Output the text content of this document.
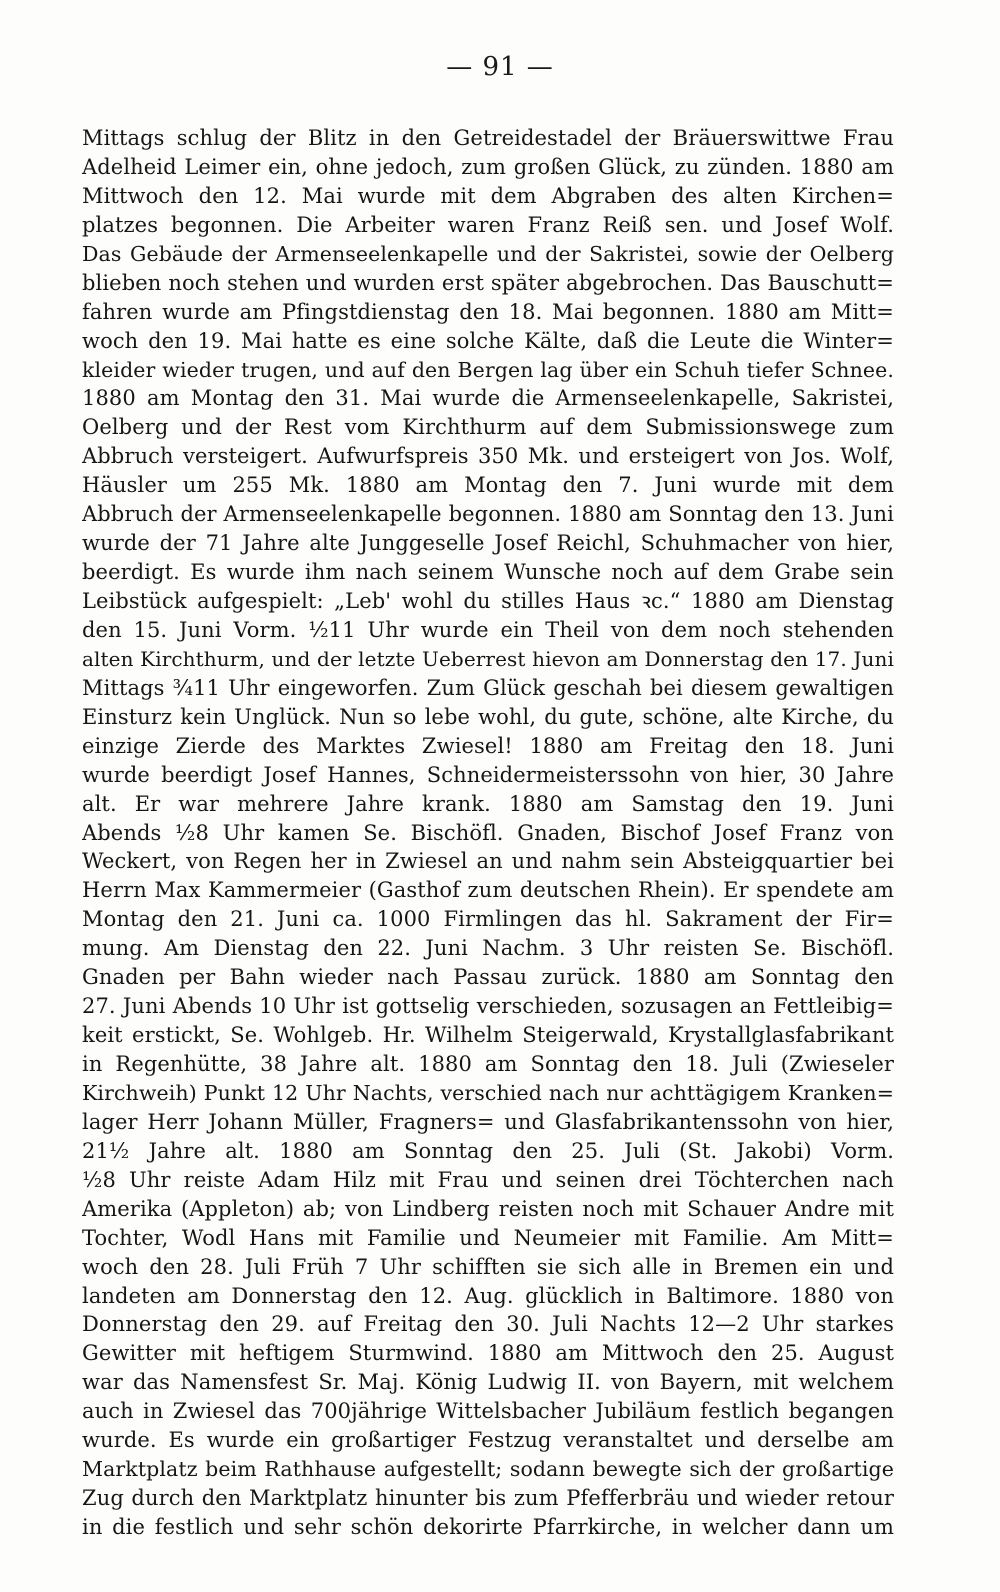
— 91 —
Mittags schlug der Blitz in den Getreidestadel der Bräuerswittwe Frau
Adelheid Leimer ein, ohne jedoch, zum großen Glück, zu zünden. 1880 am
Mittwoch den 12. Mai wurde mit dem Abgraben des alten Kirchen=
platzes begonnen. Die Arbeiter waren Franz Reiß sen. und Josef Wolf.
Das Gebäude der Armenseelenkapelle und der Sakristei, sowie der Oelberg
blieben noch stehen und wurden erst später abgebrochen. Das Bauschutt=
fahren wurde am Pfingstdienstag den 18. Mai begonnen. 1880 am Mitt=
woch den 19. Mai hatte es eine solche Kälte, daß die Leute die Winter=
kleider wieder trugen, und auf den Bergen lag über ein Schuh tiefer Schnee.
1880 am Montag den 31. Mai wurde die Armenseelenkapelle, Sakristei,
Oelberg und der Rest vom Kirchthurm auf dem Submissionswege zum
Abbruch versteigert. Aufwurfspreis 350 Mk. und ersteigert von Jos. Wolf,
Häusler um 255 Mk. 1880 am Montag den 7. Juni wurde mit dem
Abbruch der Armenseelenkapelle begonnen. 1880 am Sonntag den 13. Juni
wurde der 71 Jahre alte Junggeselle Josef Reichl, Schuhmacher von hier,
beerdigt. Es wurde ihm nach seinem Wunsche noch auf dem Grabe sein
Leibstück aufgespielt: „Leb' wohl du stilles Haus ꝛc.“ 1880 am Dienstag
den 15. Juni Vorm. ½11 Uhr wurde ein Theil von dem noch stehenden
alten Kirchthurm, und der letzte Ueberrest hievon am Donnerstag den 17. Juni
Mittags ¾11 Uhr eingeworfen. Zum Glück geschah bei diesem gewaltigen
Einsturz kein Unglück. Nun so lebe wohl, du gute, schöne, alte Kirche, du
einzige Zierde des Marktes Zwiesel! 1880 am Freitag den 18. Juni
wurde beerdigt Josef Hannes, Schneidermeisterssohn von hier, 30 Jahre
alt. Er war mehrere Jahre krank. 1880 am Samstag den 19. Juni
Abends ½8 Uhr kamen Se. Bischöfl. Gnaden, Bischof Josef Franz von
Weckert, von Regen her in Zwiesel an und nahm sein Absteigquartier bei
Herrn Max Kammermeier (Gasthof zum deutschen Rhein). Er spendete am
Montag den 21. Juni ca. 1000 Firmlingen das hl. Sakrament der Fir=
mung. Am Dienstag den 22. Juni Nachm. 3 Uhr reisten Se. Bischöfl.
Gnaden per Bahn wieder nach Passau zurück. 1880 am Sonntag den
27. Juni Abends 10 Uhr ist gottselig verschieden, sozusagen an Fettleibig=
keit erstickt, Se. Wohlgeb. Hr. Wilhelm Steigerwald, Krystallglasfabrikant
in Regenhütte, 38 Jahre alt. 1880 am Sonntag den 18. Juli (Zwieseler
Kirchweih) Punkt 12 Uhr Nachts, verschied nach nur achttägigem Kranken=
lager Herr Johann Müller, Fragners= und Glasfabrikantenssohn von hier,
21½ Jahre alt. 1880 am Sonntag den 25. Juli (St. Jakobi) Vorm.
½8 Uhr reiste Adam Hilz mit Frau und seinen drei Töchterchen nach
Amerika (Appleton) ab; von Lindberg reisten noch mit Schauer Andre mit
Tochter, Wodl Hans mit Familie und Neumeier mit Familie. Am Mitt=
woch den 28. Juli Früh 7 Uhr schifften sie sich alle in Bremen ein und
landeten am Donnerstag den 12. Aug. glücklich in Baltimore. 1880 von
Donnerstag den 29. auf Freitag den 30. Juli Nachts 12—2 Uhr starkes
Gewitter mit heftigem Sturmwind. 1880 am Mittwoch den 25. August
war das Namensfest Sr. Maj. König Ludwig II. von Bayern, mit welchem
auch in Zwiesel das 700jährige Wittelsbacher Jubiläum festlich begangen
wurde. Es wurde ein großartiger Festzug veranstaltet und derselbe am
Marktplatz beim Rathhause aufgestellt; sodann bewegte sich der großartige
Zug durch den Marktplatz hinunter bis zum Pfefferbräu und wieder retour
in die festlich und sehr schön dekorirte Pfarrkirche, in welcher dann um
